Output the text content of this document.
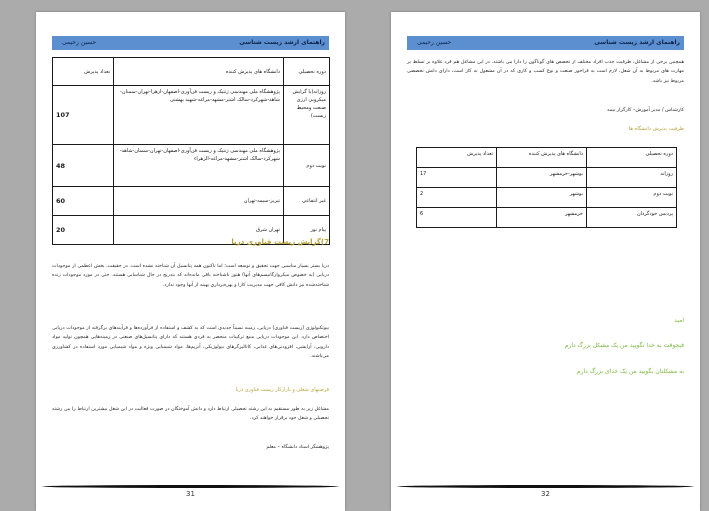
راهنمای ارشد زیست شناسی
حسین رحیمی
دوره تحصیلی	دانشگاه های پذیرش کننده	تعداد پذیرش
روزانه(با گرایش میکروبی ارزی صنعت ومحیط زیست)	پژوهشگاه ملی مهندسی ژنتیک و زیست فن‌آوری-اصفهان-ازهرا-تهران-سمنان-شاهد-شهرکرد-سالک اشتر-مشهد-مراغه-شهید بهشتی	107
نوبت دوم	پژوهشگاه ملی مهندسی ژنتیک و زیست فن‌آوری-اصفهان-تهران-سمنان-شاهد-شهرکرد-سالک اشتر-مشهد-مراغه-الزهراء	48
غیر انتفاعی	تبریز-سیمه-تهران	60
پیام نور	تهران شرق	20
7)گرایش زیست فناوری دریا
دریا بستر بسیار مناسبی جهت تحقیق و توسعه است؛ اما تاکنون همه پتانسیل آن شناخته نشده است. در حقیقت، بخش اعظمی از موجودات دریایی (به خصوص میکروارگانیسم‌های آنها) هنوز ناشناخته باقی مانده‌اند که بتدریج در حال شناسایی هستند. حتی در مورد موجودات زنده شناخته‌شده نیز دانش کافی جهت مدیریت کارا و بهره‌برداری بهینه از آنها وجود ندارد.
بیوتکنولوژی (زیست فناوری) دریایی، زمینه نسبتاً جدیدی است که به کشف و استفاده از فرآورده‌ها و فرآیندهای برگرفته از موجودات دریایی اختصاص دارد. این موجودات دریایی منبع ترکیبات منحصر به فردی هستند که دارای پتانسیل‌های صنعتی در زمینه‌هایی همچون تولید مواد دارویی، آرایشی، افزودنی‌های غذایی، کاتالیزگرهای بیولوژیکی، آنزیم‌ها، مواد شیمیایی ویژه و مواد شیمیایی مورد استفاده در کشاورزی می‌باشند.
فرصتهای شغلی و بازارکار زیست فناوری دریا
مشاغل زیر به طور مستقیم به این رشته تحصیلی ارتباط دارد و دانش آموختگان در صورت فعالیت در این شغل بیشترین ارتباط را بین رشته تحصیلی و شغل خود برقرار خواهند کرد.
پژوهشگر استاد دانشگاه – معلم
31
راهنمای ارشد زیست شناسی
حسین رحیمی
همچنین برخی از مشاغل، ظرفیت جذب افراد مختلف از تخصص های گوناگون را دارا می باشند. در این مشاغل هم فرد علاوه بر تسلط بر مهارت های مربوط به آن شغل، لازم است به فراخور صنعت و نوع کسب و کاری که در آن مشغول به کار است، دارای دانش تخصصی مربوط نیز باشد.
کارشناس / مدیر آموزش– کارگزار بیمه
ظرفیت پذیرش دانشگاه ها
دوره تحصیلی	دانشگاه های پذیرش کننده	تعداد پذیرش
روزانه	بوشهر-خرمشهر	17
نوبت دوم	بوشهر	2
پردیس خودگردان	خرمشهر	6
امید
فیچوقت به خدا نگویید من یک مشکل بزرگ دارم
به مشکلتان بگویید من یک خدای بزرگ دارم
32
